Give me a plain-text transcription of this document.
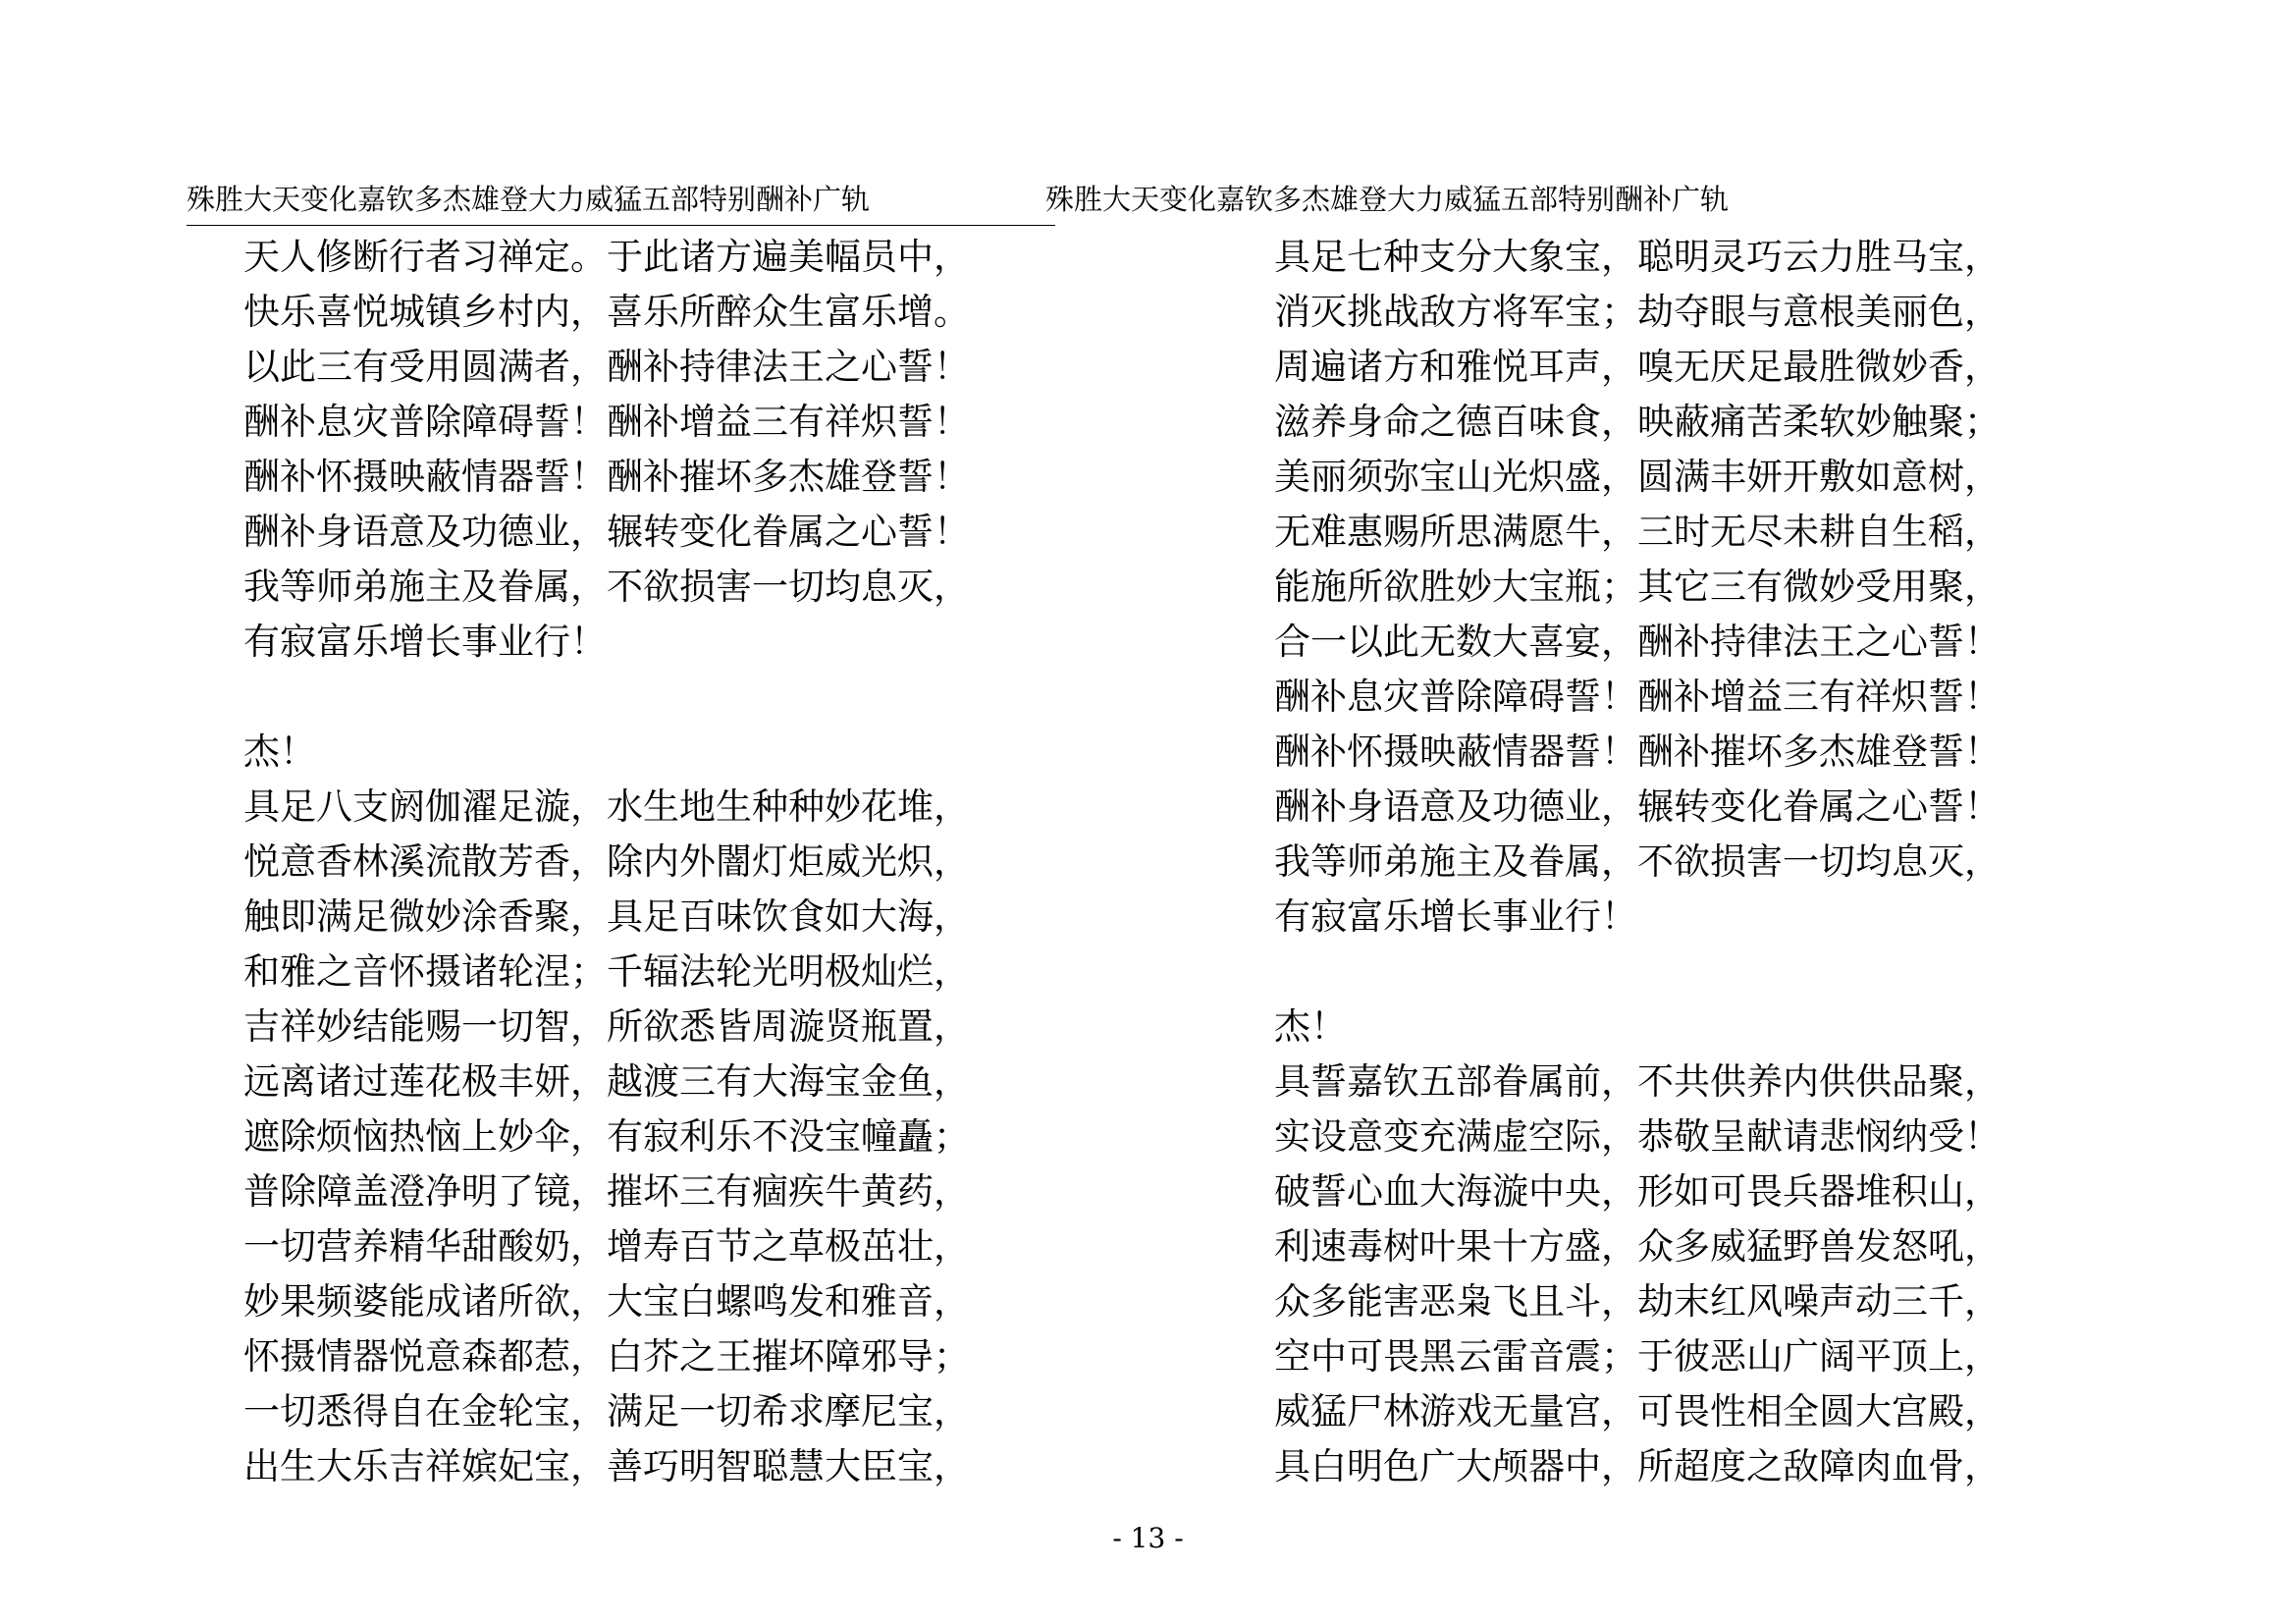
殊胜大天变化嘉钦多杰雄登大力威猛五部特别酬补广轨	殊胜大天变化嘉钦多杰雄登大力威猛五部特别酬补广轨
天人修断行者习禅定。于此诸方遍美幅员中，
快乐喜悦城镇乡村内，喜乐所醉众生富乐增。
以此三有受用圆满者，酬补持律法王之心誓！
酬补息灾普除障碍誓！酬补增益三有祥炽誓！
酬补怀摄映蔽情器誓！酬补摧坏多杰雄登誓！
酬补身语意及功德业，辗转变化眷属之心誓！
我等师弟施主及眷属，不欲损害一切均息灭，
有寂富乐增长事业行！
杰！
具足八支阏伽濯足漩，水生地生种种妙花堆，
悦意香林溪流散芳香，除内外闇灯炬威光炽，
触即满足微妙涂香聚，具足百味饮食如大海，
和雅之音怀摄诸轮涅；千辐法轮光明极灿烂，
吉祥妙结能赐一切智，所欲悉皆周漩贤瓶置，
远离诸过莲花极丰妍，越渡三有大海宝金鱼，
遮除烦恼热恼上妙伞，有寂利乐不没宝幢矗；
普除障盖澄净明了镜，摧坏三有痼疾牛黄药，
一切营养精华甜酸奶，增寿百节之草极茁壮，
妙果频婆能成诸所欲，大宝白螺鸣发和雅音，
怀摄情器悦意森都惹，白芥之王摧坏障邪导；
一切悉得自在金轮宝，满足一切希求摩尼宝，
出生大乐吉祥嫔妃宝，善巧明智聪慧大臣宝，
具足七种支分大象宝，聪明灵巧云力胜马宝，
消灭挑战敌方将军宝；劫夺眼与意根美丽色，
周遍诸方和雅悦耳声，嗅无厌足最胜微妙香，
滋养身命之德百味食，映蔽痛苦柔软妙触聚；
美丽须弥宝山光炽盛，圆满丰妍开敷如意树，
无难惠赐所思满愿牛，三时无尽未耕自生稻，
能施所欲胜妙大宝瓶；其它三有微妙受用聚，
合一以此无数大喜宴，酬补持律法王之心誓！
酬补息灾普除障碍誓！酬补增益三有祥炽誓！
酬补怀摄映蔽情器誓！酬补摧坏多杰雄登誓！
酬补身语意及功德业，辗转变化眷属之心誓！
我等师弟施主及眷属，不欲损害一切均息灭，
有寂富乐增长事业行！
杰！
具誓嘉钦五部眷属前，不共供养内供供品聚，
实设意变充满虚空际，恭敬呈献请悲悯纳受！
破誓心血大海漩中央，形如可畏兵器堆积山，
利速毒树叶果十方盛，众多威猛野兽发怒吼，
众多能害恶枭飞且斗，劫末红风噪声动三千，
空中可畏黑云雷音震；于彼恶山广阔平顶上，
威猛尸林游戏无量宫，可畏性相全圆大宫殿，
具白明色广大颅器中，所超度之敌障肉血骨，
- 13 -
